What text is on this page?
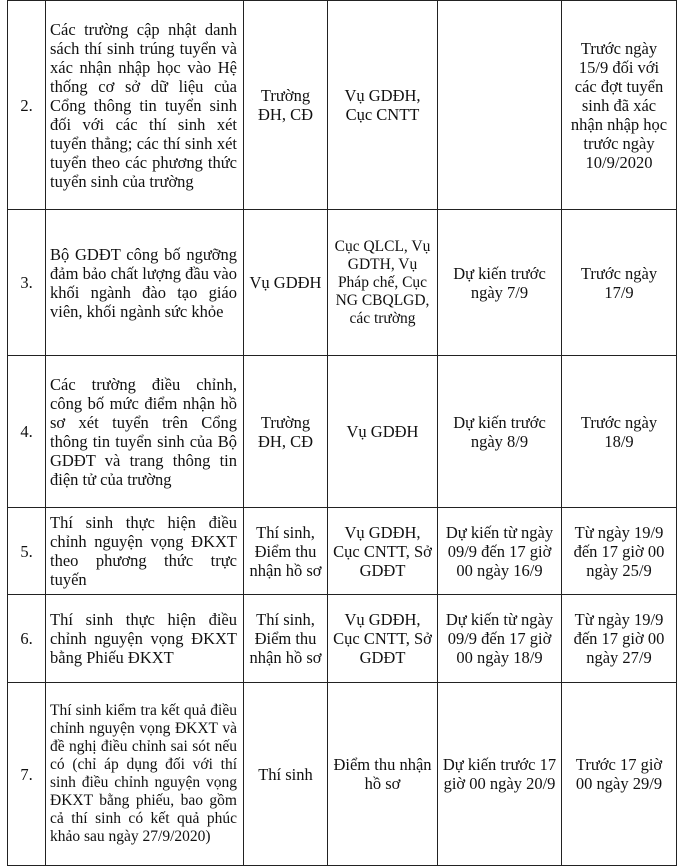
2.	Các trường cập nhật danh sách thí sinh trúng tuyển và xác nhận nhập học vào Hệ thống cơ sở dữ liệu của Cổng thông tin tuyển sinh đối với các thí sinh xét tuyển thẳng; các thí sinh xét tuyển theo các phương thức tuyển sinh của trường	Trường ĐH, CĐ	Vụ GDĐH, Cục CNTT		Trước ngày 15/9 đối với các đợt tuyển sinh đã xác nhận nhập học trước ngày 10/9/2020
3.	Bộ GDĐT công bố ngưỡng đảm bảo chất lượng đầu vào khối ngành đào tạo giáo viên, khối ngành sức khỏe	Vụ GDĐH	Cục QLCL, Vụ GDTH, Vụ Pháp chế, Cục NG CBQLGD, các trường	Dự kiến trước ngày 7/9	Trước ngày 17/9
4.	Các trường điều chỉnh, công bố mức điểm nhận hồ sơ xét tuyển trên Cổng thông tin tuyển sinh của Bộ GDĐT và trang thông tin điện tử của trường	Trường ĐH, CĐ	Vụ GDĐH	Dự kiến trước ngày 8/9	Trước ngày 18/9
5.	Thí sinh thực hiện điều chỉnh nguyện vọng ĐKXT theo phương thức trực tuyến	Thí sinh, Điểm thu nhận hồ sơ	Vụ GDĐH, Cục CNTT, Sở GDĐT	Dự kiến từ ngày 09/9 đến 17 giờ 00 ngày 16/9	Từ ngày 19/9 đến 17 giờ 00 ngày 25/9
6.	Thí sinh thực hiện điều chỉnh nguyện vọng ĐKXT bằng Phiếu ĐKXT	Thí sinh, Điểm thu nhận hồ sơ	Vụ GDĐH, Cục CNTT, Sở GDĐT	Dự kiến từ ngày 09/9 đến 17 giờ 00 ngày 18/9	Từ ngày 19/9 đến 17 giờ 00 ngày 27/9
7.	Thí sinh kiểm tra kết quả điều chỉnh nguyện vọng ĐKXT và đề nghị điều chỉnh sai sót nếu có (chỉ áp dụng đối với thí sinh điều chỉnh nguyện vọng ĐKXT bằng phiếu, bao gồm cả thí sinh có kết quả phúc khảo sau ngày 27/9/2020)	Thí sinh	Điểm thu nhận hồ sơ	Dự kiến trước 17 giờ 00 ngày 20/9	Trước 17 giờ 00 ngày 29/9
